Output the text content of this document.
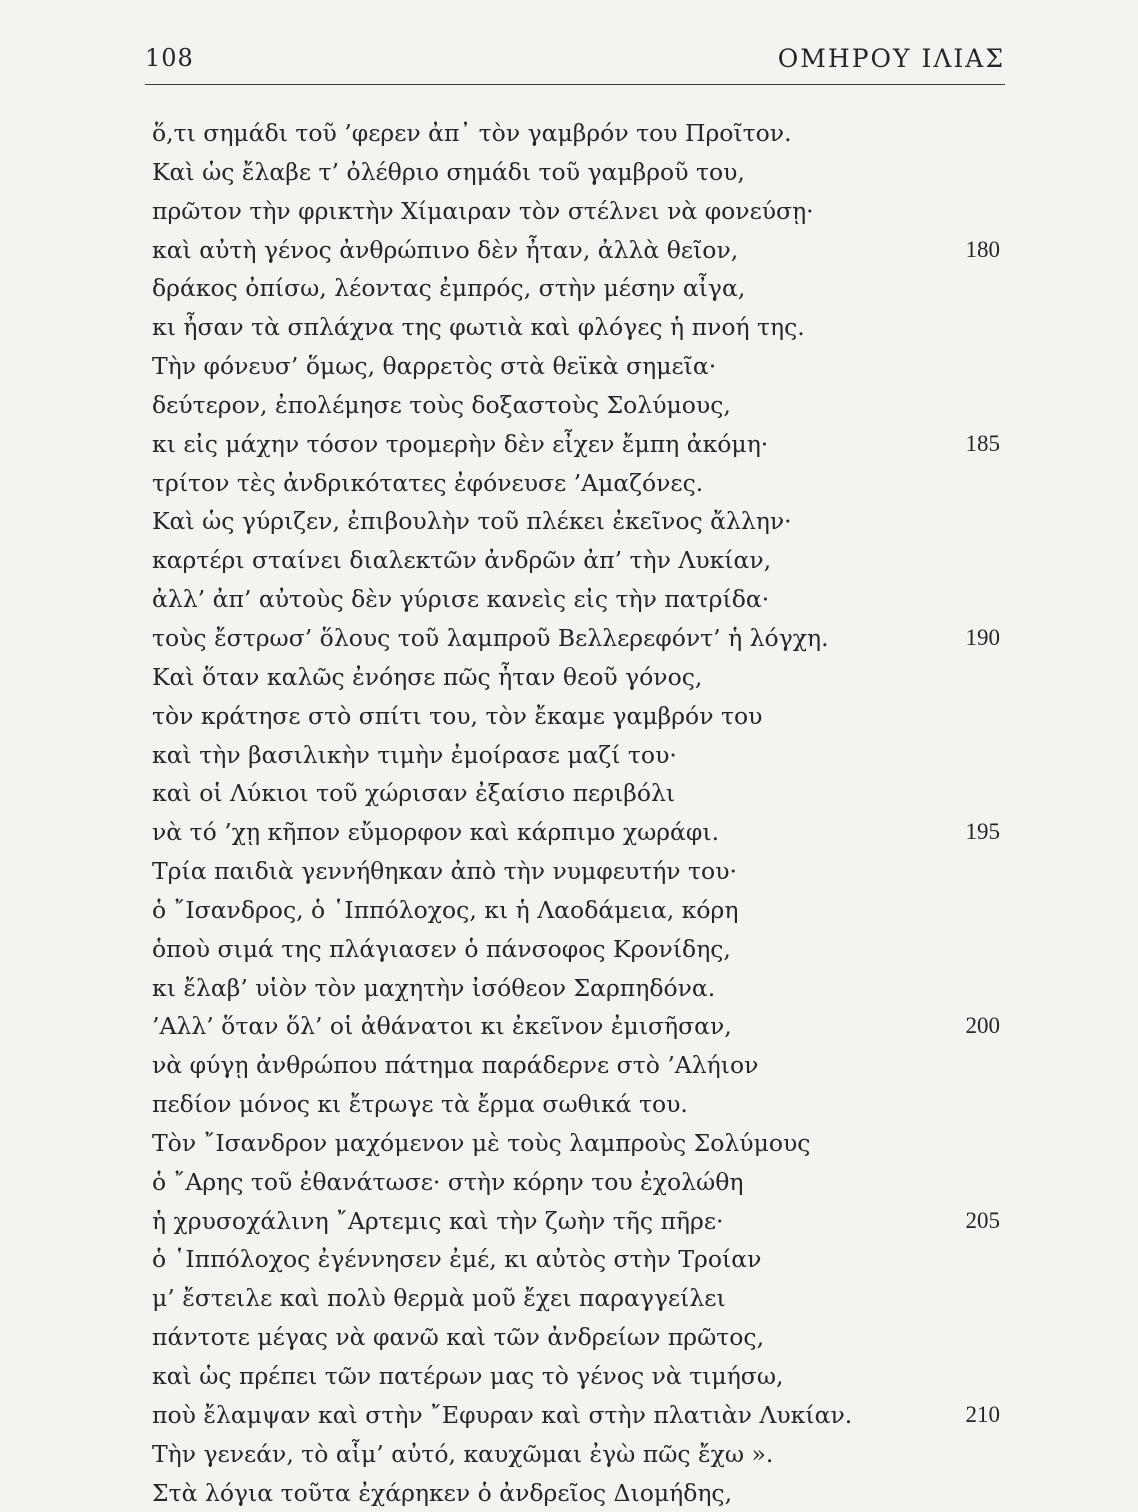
108	ΟΜΗΡΟΥ ΙΛΙΑΣ
ὅ,τι σημάδι τοῦ ’φερεν ἀπ᾿ τὸν γαμβρόν του Προῖτον.
Καὶ ὡς ἔλαβε τ’ ὀλέθριο σημάδι τοῦ γαμβροῦ του,
πρῶτον τὴν φρικτὴν Χίμαιραν τὸν στέλνει νὰ φονεύσῃ·
καὶ αὐτὴ γένος ἀνθρώπινο δὲν ἦταν, ἀλλὰ θεῖον,	180
δράκος ὀπίσω, λέοντας ἐμπρός, στὴν μέσην αἶγα,
κι ἦσαν τὰ σπλάχνα της φωτιὰ καὶ φλόγες ἡ πνοή της.
Τὴν φόνευσ’ ὅμως, θαρρετὸς στὰ θεϊκὰ σημεῖα·
δεύτερον, ἐπολέμησε τοὺς δοξαστοὺς Σολύμους,
κι εἰς μάχην τόσον τρομερὴν δὲν εἶχεν ἔμπη ἀκόμη·	185
τρίτον τὲς ἀνδρικότατες ἐφόνευσε ’Αμαζόνες.
Καὶ ὡς γύριζεν, ἐπιβουλὴν τοῦ πλέκει ἐκεῖνος ἄλλην·
καρτέρι σταίνει διαλεκτῶν ἀνδρῶν ἀπ’ τὴν Λυκίαν,
ἀλλ’ ἀπ’ αὐτοὺς δὲν γύρισε κανεὶς εἰς τὴν πατρίδα·
τοὺς ἔστρωσ’ ὅλους τοῦ λαμπροῦ Βελλερεφόντ’ ἡ λόγχη.	190
Καὶ ὅταν καλῶς ἐνόησε πῶς ἦταν θεοῦ γόνος,
τὸν κράτησε στὸ σπίτι του, τὸν ἔκαμε γαμβρόν του
καὶ τὴν βασιλικὴν τιμὴν ἐμοίρασε μαζί του·
καὶ οἱ Λύκιοι τοῦ χώρισαν ἐξαίσιο περιβόλι
νὰ τό ’χῃ κῆπον εὔμορφον καὶ κάρπιμο χωράφι.	195
Τρία παιδιὰ γεννήθηκαν ἀπὸ τὴν νυμφευτήν του·
ὁ ῎Ισανδρος, ὁ ῾Ιππόλοχος, κι ἡ Λαοδάμεια, κόρη
ὁποὺ σιμά της πλάγιασεν ὁ πάνσοφος Κρονίδης,
κι ἔλαβ’ υἱὸν τὸν μαχητὴν ἰσόθεον Σαρπηδόνα.
’Αλλ’ ὅταν ὅλ’ οἱ ἀθάνατοι κι ἐκεῖνον ἐμισῆσαν,	200
νὰ φύγῃ ἀνθρώπου πάτημα παράδερνε στὸ ’Αλήιον
πεδίον μόνος κι ἔτρωγε τὰ ἔρμα σωθικά του.
Τὸν ῎Ισανδρον μαχόμενον μὲ τοὺς λαμπροὺς Σολύμους
ὁ ῎Αρης τοῦ ἐθανάτωσε· στὴν κόρην του ἐχολώθη
ἡ χρυσοχάλινη ῎Αρτεμις καὶ τὴν ζωὴν τῆς πῆρε·	205
ὁ ῾Ιππόλοχος ἐγέννησεν ἐμέ, κι αὐτὸς στὴν Τροίαν
μ’ ἔστειλε καὶ πολὺ θερμὰ μοῦ ἔχει παραγγείλει
πάντοτε μέγας νὰ φανῶ καὶ τῶν ἀνδρείων πρῶτος,
καὶ ὡς πρέπει τῶν πατέρων μας τὸ γένος νὰ τιμήσω,
ποὺ ἔλαμψαν καὶ στὴν ῎Εφυραν καὶ στὴν πλατιὰν Λυκίαν.	210
Τὴν γενεάν, τὸ αἷμ’ αὐτό, καυχῶμαι ἐγὼ πῶς ἔχω ».
Στὰ λόγια τοῦτα ἐχάρηκεν ὁ ἀνδρεῖος Διομήδης,
